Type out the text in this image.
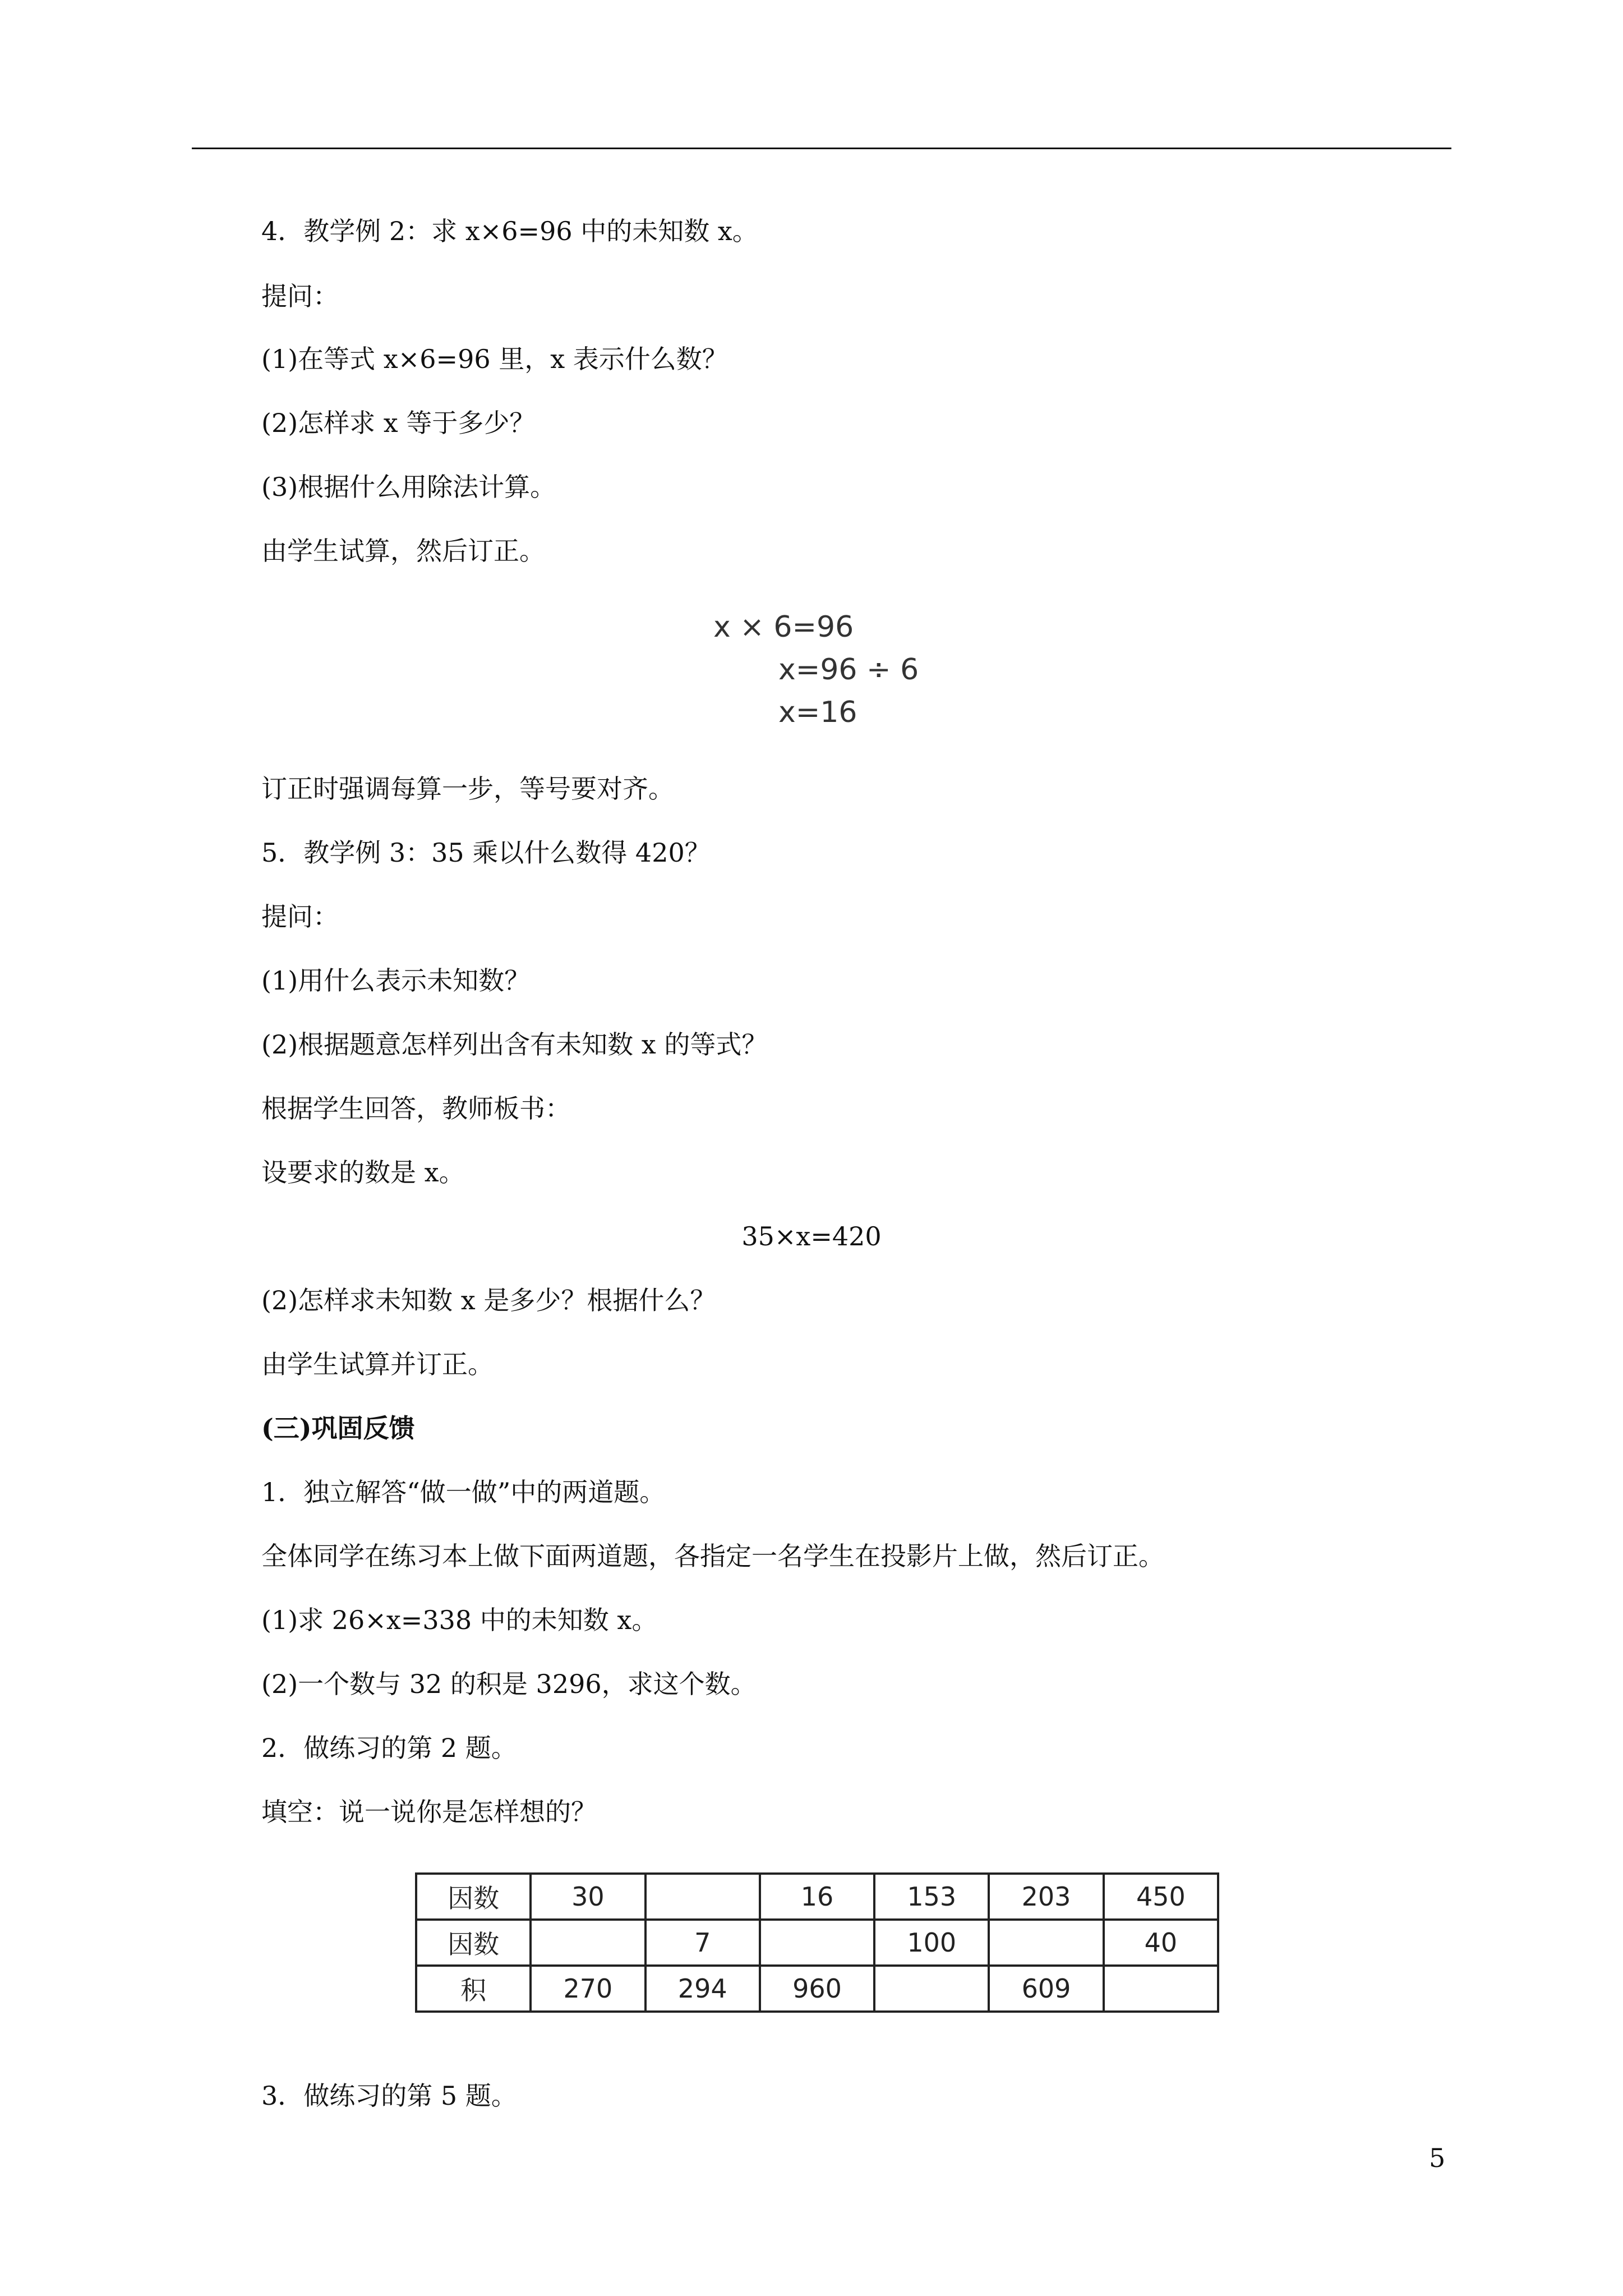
4．教学例 2：求 x×6=96 中的未知数 x。
提问：
(1)在等式 x×6=96 里，x 表示什么数？
(2)怎样求 x 等于多少？
(3)根据什么用除法计算。
由学生试算，然后订正。
x × 6=96
x=96 ÷ 6
x=16
订正时强调每算一步，等号要对齐。
5．教学例 3：35 乘以什么数得 420？
提问：
(1)用什么表示未知数？
(2)根据题意怎样列出含有未知数 x 的等式？
根据学生回答，教师板书：
设要求的数是 x。
35×x=420
(2)怎样求未知数 x 是多少？根据什么？
由学生试算并订正。
(三)巩固反馈
1．独立解答“做一做”中的两道题。
全体同学在练习本上做下面两道题，各指定一名学生在投影片上做，然后订正。
(1)求 26×x=338 中的未知数 x。
(2)一个数与 32 的积是 3296，求这个数。
2．做练习的第 2 题。
填空：说一说你是怎样想的？
因数	30		16	153	203	450
因数		7		100		40
积	270	294	960		609	
3．做练习的第 5 题。
5
